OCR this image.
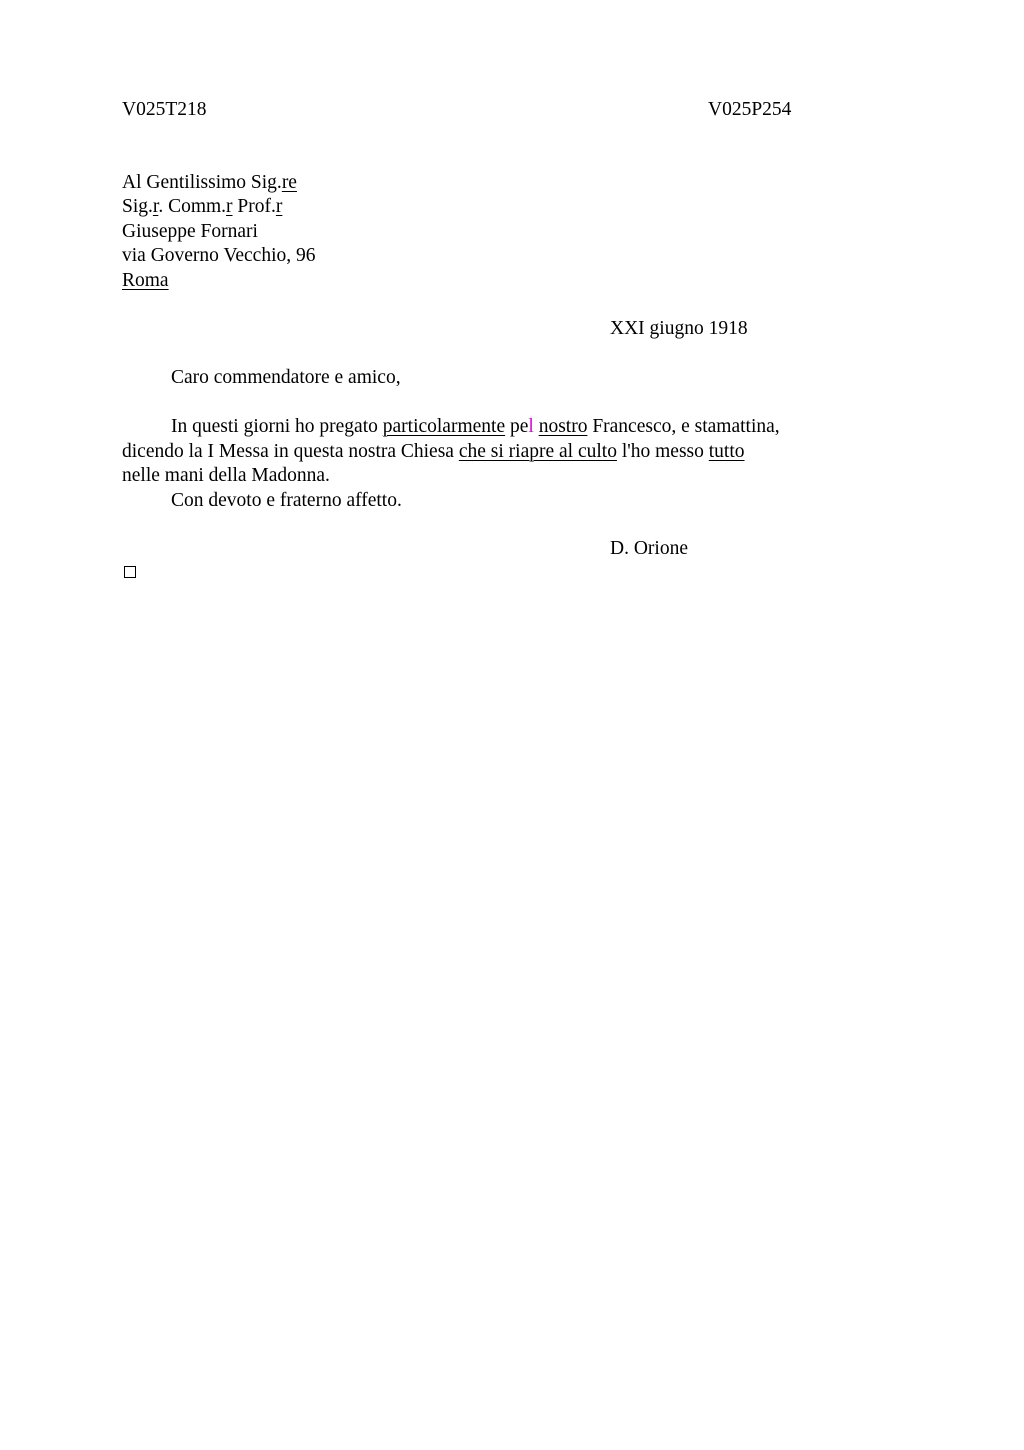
V025T218	V025P254
Al Gentilissimo Sig.re
Sig.r. Comm.r Prof.r
Giuseppe Fornari
via Governo Vecchio, 96
Roma
XXI giugno 1918
Caro commendatore e amico,
In questi giorni ho pregato particolarmente pel nostro Francesco, e stamattina,
dicendo la I Messa in questa nostra Chiesa che si riapre al culto l'ho messo tutto
nelle mani della Madonna.
Con devoto e fraterno affetto.
D. Orione
